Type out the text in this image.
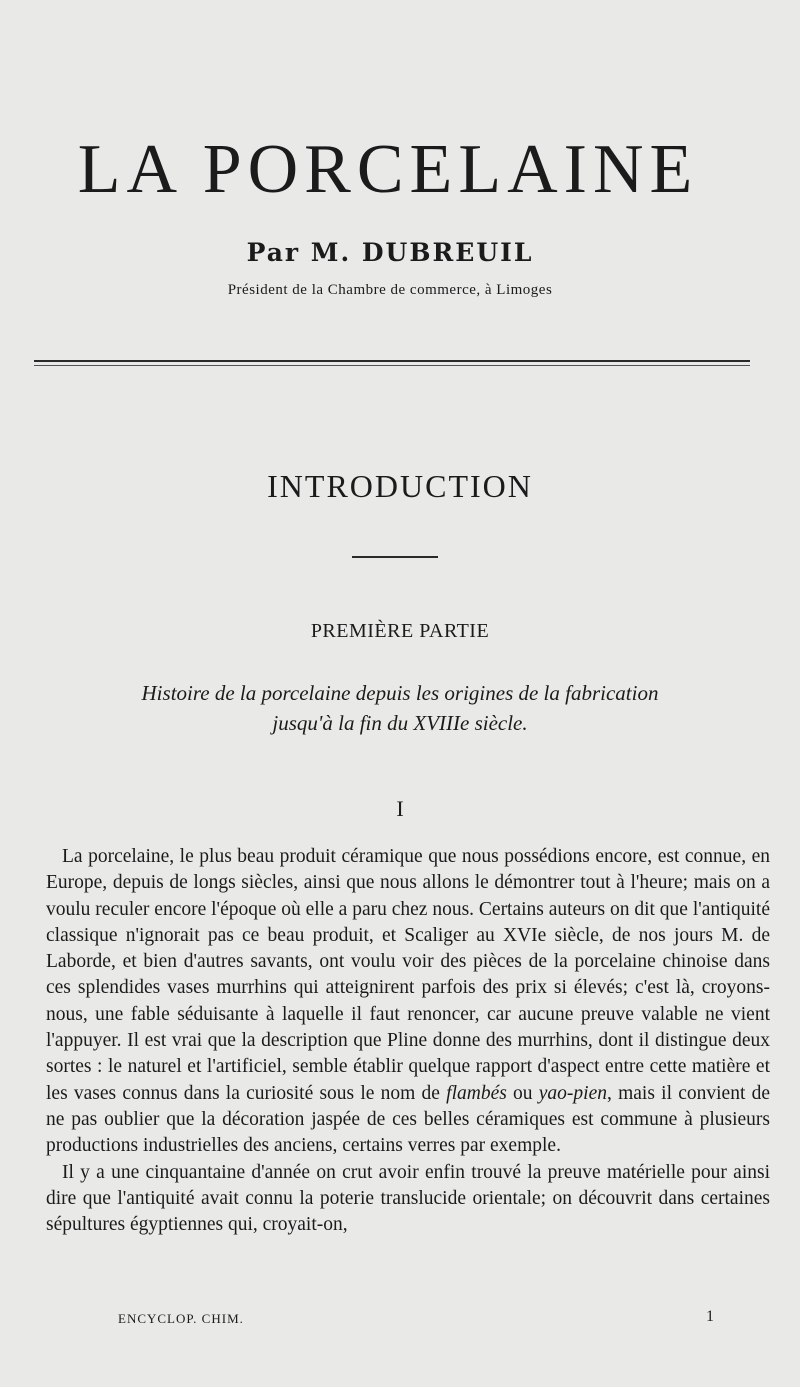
LA PORCELAINE
Par M. DUBREUIL
Président de la Chambre de commerce, à Limoges
INTRODUCTION
PREMIÈRE PARTIE
Histoire de la porcelaine depuis les origines de la fabrication
jusqu'à la fin du XVIIIe siècle.
I

La porcelaine, le plus beau produit céramique que nous possédions encore, est connue, en Europe, depuis de longs siècles, ainsi que nous allons le démontrer tout à l'heure; mais on a voulu reculer encore l'époque où elle a paru chez nous. Certains auteurs on dit que l'antiquité classique n'ignorait pas ce beau produit, et Scaliger au XVIe siècle, de nos jours M. de Laborde, et bien d'autres savants, ont voulu voir des pièces de la porcelaine chinoise dans ces splendides vases murrhins qui atteignirent parfois des prix si élevés; c'est là, croyons-nous, une fable séduisante à laquelle il faut renoncer, car aucune preuve valable ne vient l'appuyer. Il est vrai que la description que Pline donne des murrhins, dont il distingue deux sortes : le naturel et l'artificiel, semble établir quelque rapport d'aspect entre cette matière et les vases connus dans la curiosité sous le nom de flambés ou yao-pien, mais il convient de ne pas oublier que la décoration jaspée de ces belles céramiques est commune à plusieurs productions industrielles des anciens, certains verres par exemple.

Il y a une cinquantaine d'année on crut avoir enfin trouvé la preuve matérielle pour ainsi dire que l'antiquité avait connu la poterie translucide orientale; on découvrit dans certaines sépultures égyptiennes qui, croyait-on,

ENCYCLOP. CHIM.	1
